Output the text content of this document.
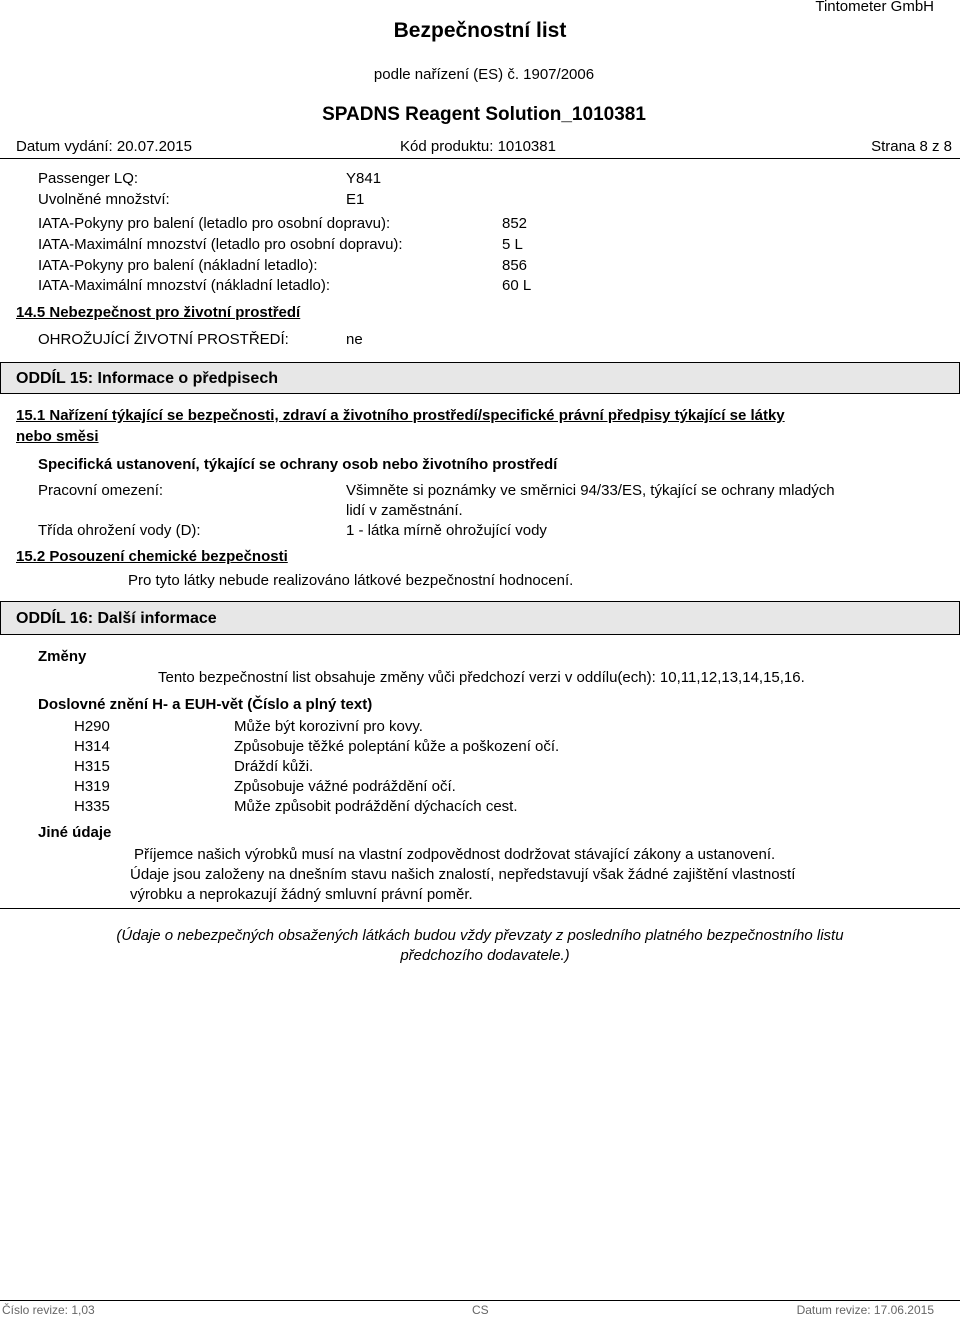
Tintometer GmbH
Bezpečnostní list
podle nařízení (ES) č. 1907/2006
SPADNS Reagent Solution_1010381
Datum vydání: 20.07.2015	Kód produktu: 1010381	Strana 8 z 8
Passenger LQ:	Y841
Uvolněné množství:	E1
IATA-Pokyny pro balení (letadlo pro osobní dopravu):	852
IATA-Maximální mnozství (letadlo pro osobní dopravu):	5 L
IATA-Pokyny pro balení (nákladní letadlo):	856
IATA-Maximální mnozství (nákladní letadlo):	60 L
14.5 Nebezpečnost pro životní prostředí
OHROŽUJÍCÍ ŽIVOTNÍ PROSTŘEDÍ:	ne
ODDÍL 15: Informace o předpisech
15.1 Nařízení týkající se bezpečnosti, zdraví a životního prostředí/specifické právní předpisy týkající se látky
nebo směsi
Specifická ustanovení, týkající se ochrany osob nebo životního prostředí
Pracovní omezení:	Všimněte si poznámky ve směrnici 94/33/ES, týkající se ochrany mladých
lidí v zaměstnání.
Třída ohrožení vody (D):	1 - látka mírně ohrožující vody
15.2 Posouzení chemické bezpečnosti
Pro tyto látky nebude realizováno látkové bezpečnostní hodnocení.
ODDÍL 16: Další informace
Změny
Tento bezpečnostní list obsahuje změny vůči předchozí verzi v oddílu(ech): 10,11,12,13,14,15,16.
Doslovné znění H- a EUH-vět (Číslo a plný text)
H290	Může být korozivní pro kovy.
H314	Způsobuje těžké poleptání kůže a poškození očí.
H315	Dráždí kůži.
H319	Způsobuje vážné podráždění očí.
H335	Může způsobit podráždění dýchacích cest.
Jiné údaje
Příjemce našich výrobků musí na vlastní zodpovědnost dodržovat stávající zákony a ustanovení.
Údaje jsou založeny na dnešním stavu našich znalostí, nepředstavují však žádné zajištění vlastností
výrobku a neprokazují žádný smluvní právní poměr.
(Údaje o nebezpečných obsažených látkách budou vždy převzaty z posledního platného bezpečnostního listu
předchozího dodavatele.)
Číslo revize: 1,03	CS	Datum revize: 17.06.2015
